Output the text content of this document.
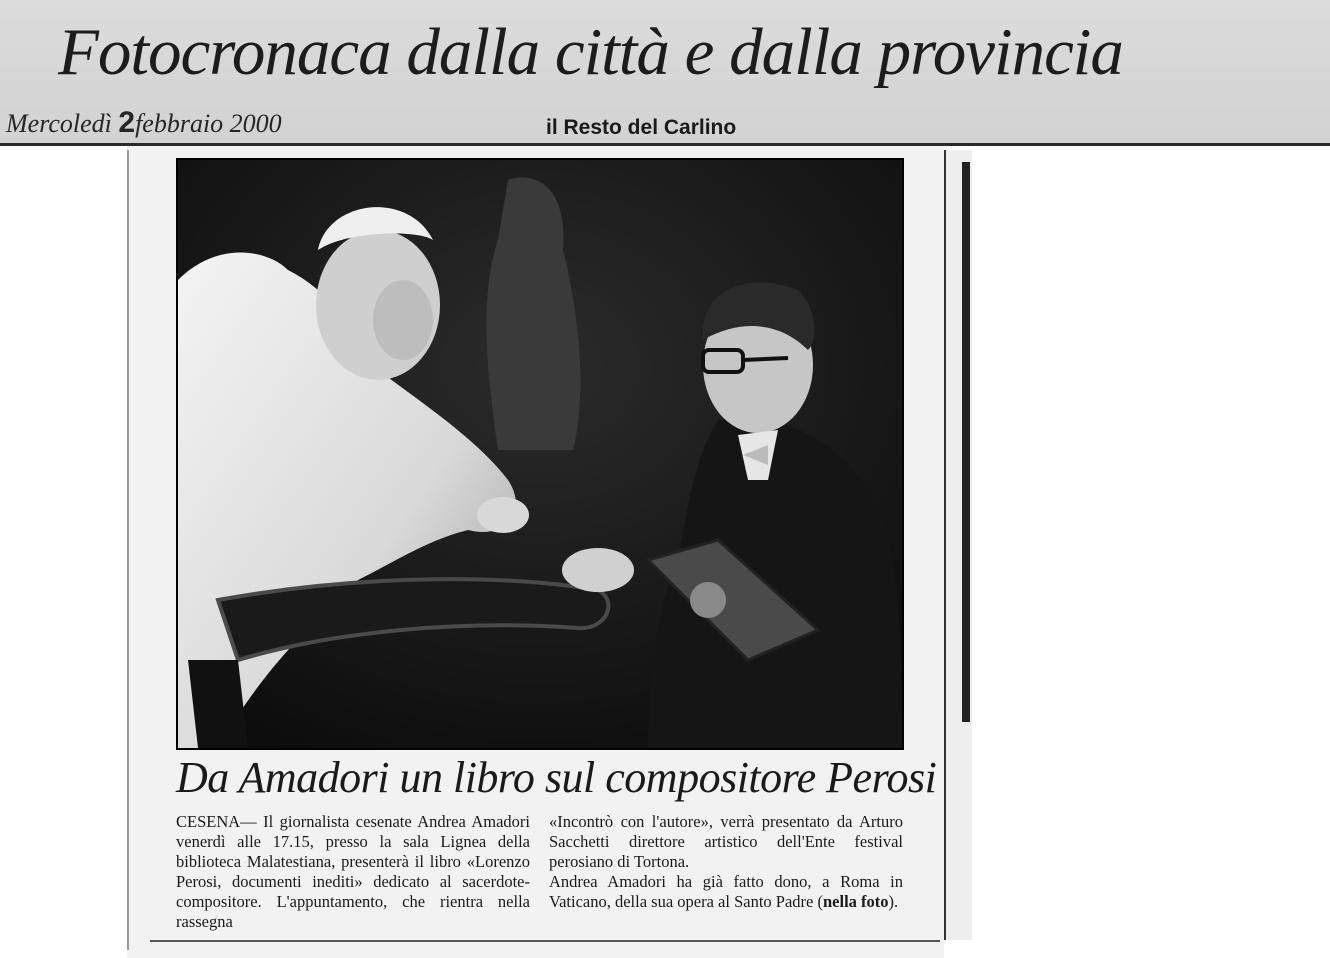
Fotocronaca dalla città e dalla provincia
Mercoledì 2febbraio 2000	il Resto del Carlino
Da Amadori un libro sul compositore Perosi

CESENA— Il giornalista cesenate Andrea Amadori venerdì alle 17.15, presso la sala Lignea della biblioteca Malatestiana, presenterà il libro «Lorenzo Perosi, documenti inediti» dedicato al sacerdote-compositore. L'appuntamento, che rientra nella rassegna

«Incontrò con l'autore», verrà presentato da Arturo Sacchetti direttore artistico dell'Ente festival perosiano di Tortona.

Andrea Amadori ha già fatto dono, a Roma in Vaticano, della sua opera al Santo Padre (nella foto).
